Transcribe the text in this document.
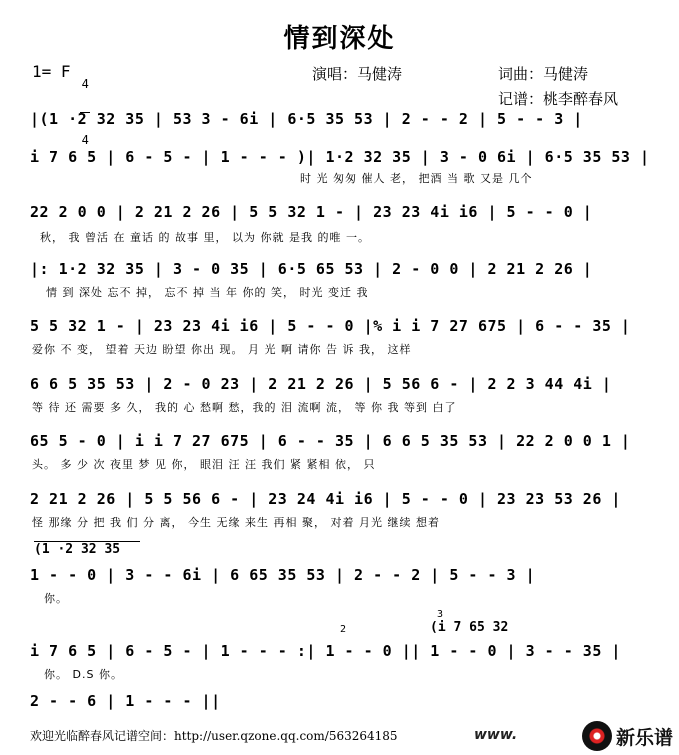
情到深处
1= F

4

4

演唱：马健涛	词曲：马健涛
记谱：桃李醉春风
|(1 ·2 32 35 | 53 3 - 6i | 6·5 35 53 | 2 - - 2 | 5 - - 3 |
i 7 6 5 | 6 - 5 - | 1 - - - )| 1·2 32 35 | 3 - 0 6i | 6·5 35 53 |
时 光 匆匆 催人 老， 把酒 当 歌 又是 几个
22 2 0 0 | 2 21 2 26 | 5 5 32 1 - | 23 23 4i i6 | 5 - - 0 |
秋， 我 曾活 在 童话 的 故事 里， 以为 你就 是我 的唯 一。
|: 1·2 32 35 | 3 - 0 35 | 6·5 65 53 | 2 - 0 0 | 2 21 2 26 |
情 到 深处 忘不 掉， 忘不 掉 当 年 你的 笑， 时光 变迁 我
5 5 32 1 - | 23 23 4i i6 | 5 - - 0 |% i i 7 27 675 | 6 - - 35 |
爱你 不 变， 望着 天边 盼望 你出 现。 月 光 啊 请你 告 诉 我， 这样
6 6 5 35 53 | 2 - 0 23 | 2 21 2 26 | 5 56 6 - | 2 2 3 44 4i |
等 待 还 需要 多 久， 我的 心 愁啊 愁，我的 泪 流啊 流， 等 你 我 等到 白了
65 5 - 0 | i i 7 27 675 | 6 - - 35 | 6 6 5 35 53 | 22 2 0 0 1 |
头。 多 少 次 夜里 梦 见 你， 眼泪 汪 汪 我们 紧 紧相 依， 只
2 21 2 26 | 5 5 56 6 - | 23 24 4i i6 | 5 - - 0 | 23 23 53 26 |
怪 那缘 分 把 我 们 分 离， 今生 无缘 来生 再相 聚， 对着 月光 继续 想着
(1 ·2 32 35
1 - - 0 | 3 - - 6i | 6 65 35 53 | 2 - - 2 | 5 - - 3 |
你。
2
3
(i 7 65 32
i 7 6 5 | 6 - 5 - | 1 - - - :| 1 - - 0 || 1 - - 0 | 3 - - 35 |
你。 D.S 你。
2 - - 6 | 1 - - - ||
欢迎光临醉春风记谱空间：http://user.qzone.qq.com/563264185	www.	新乐谱
